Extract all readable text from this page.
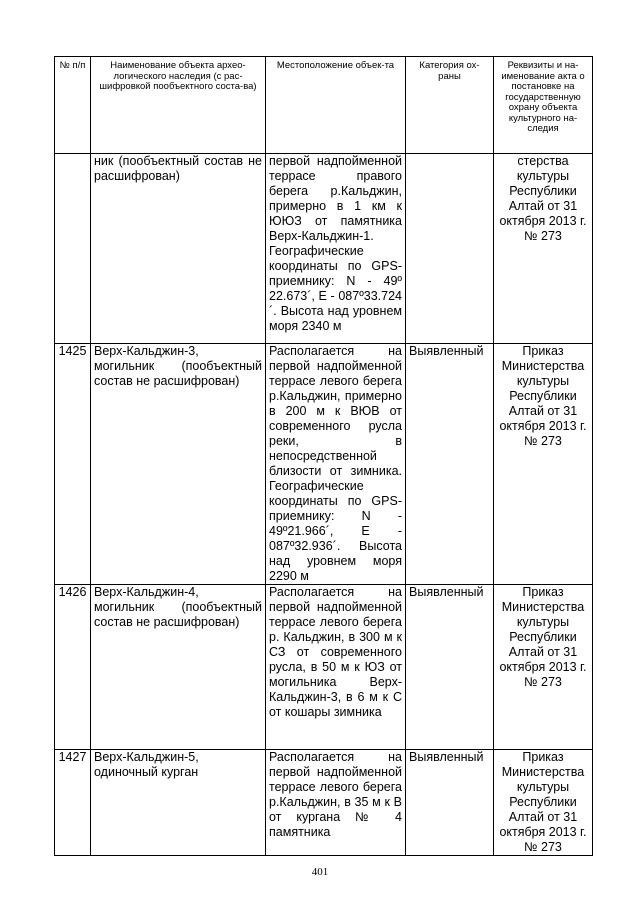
№ п/п	Наименование объекта архео-логического наследия (с рас-шифровкой пообъектного соста-ва)	Местоположение объек-та	Категория ох-раны	Реквизиты и на-именование акта о постановке на государственную охрану объекта культурного на-следия
	ник (пообъектный состав не расшифрован)	первой надпойменной террасе правого берега р.Кальджин, примерно в 1 км к ЮЮЗ от памятника Верх-Кальджин-1. Географические координаты по GPS-приемнику: N - 49º 22.673´, E - 087º33.724´. Высота над уровнем моря 2340 м		стерства культуры Республики Алтай от 31 октября 2013 г. № 273
1425	Верх-Кальджин-3, могильник (пообъектный состав не расшифрован)	Располагается на первой надпойменной террасе левого берега р.Кальджин, примерно в 200 м к ВЮВ от современного русла реки, в непосредственной близости от зимника. Географические координаты по GPS-приемнику: N - 49º21.966´, E - 087º32.936´. Высота над уровнем моря 2290 м	Выявленный	Приказ Министерства культуры Республики Алтай от 31 октября 2013 г. № 273
1426	Верх-Кальджин-4, могильник (пообъектный состав не расшифрован)	Располагается на первой надпойменной террасе левого берега р. Кальджин, в 300 м к СЗ от современного русла, в 50 м к ЮЗ от могильника Верх-Кальджин-3, в 6 м к С от кошары зимника	Выявленный	Приказ Министерства культуры Республики Алтай от 31 октября 2013 г. № 273
1427	Верх-Кальджин-5, одиночный курган	Располагается на первой надпойменной террасе левого берега р.Кальджин, в 35 м к В от кургана № 4 памятника	Выявленный	Приказ Министерства культуры Республики Алтай от 31 октября 2013 г. № 273
401
